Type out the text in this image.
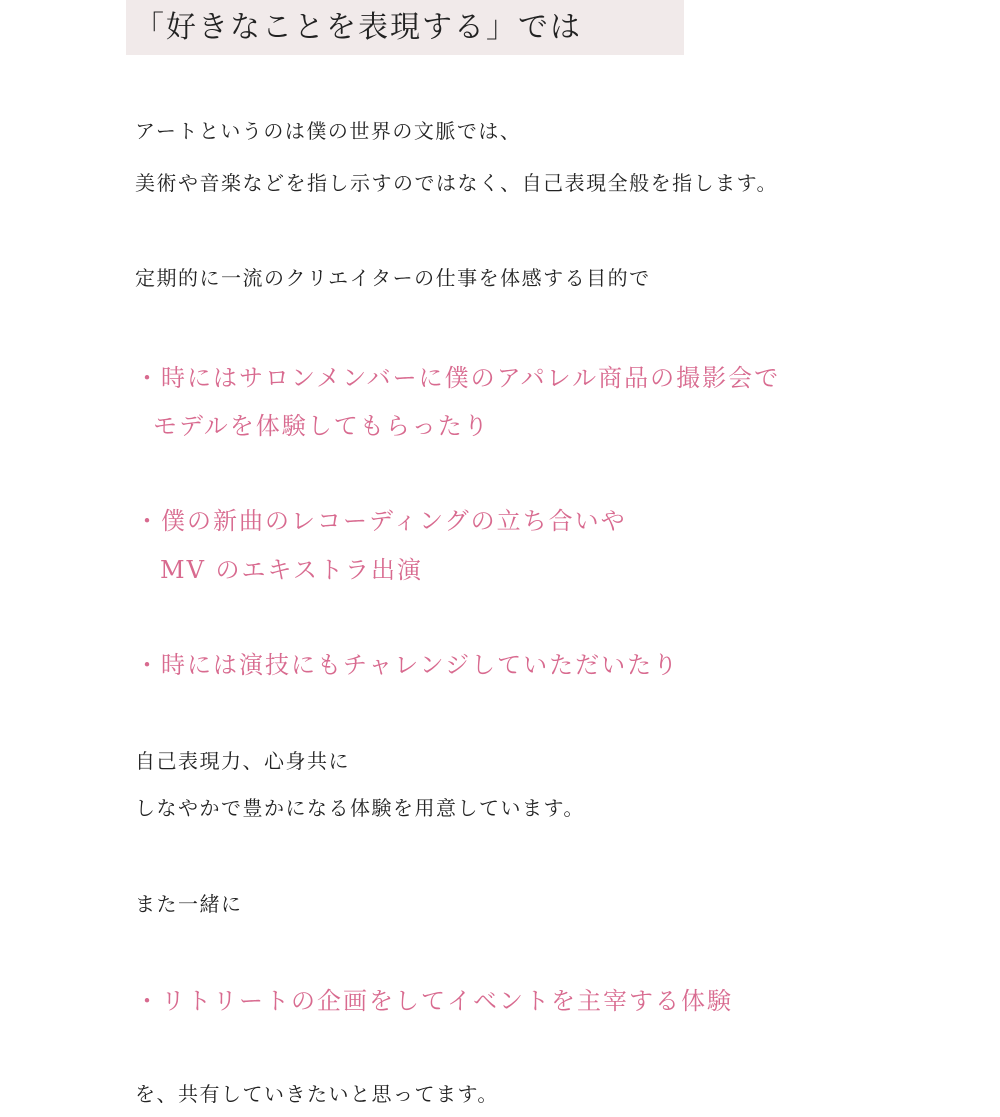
「好きなことを表現する」では
アートというのは僕の世界の文脈では、
美術や音楽などを指し示すのではなく、自己表現全般を指します。
定期的に一流のクリエイターの仕事を体感する目的で
・時にはサロンメンバーに僕のアパレル商品の撮影会で
モデルを体験してもらったり
・僕の新曲のレコーディングの立ち合いや
MV のエキストラ出演
・時には演技にもチャレンジしていただいたり
自己表現力、心身共に
しなやかで豊かになる体験を用意しています。
また一緒に
・リトリートの企画をしてイベントを主宰する体験
を、共有していきたいと思ってます。
